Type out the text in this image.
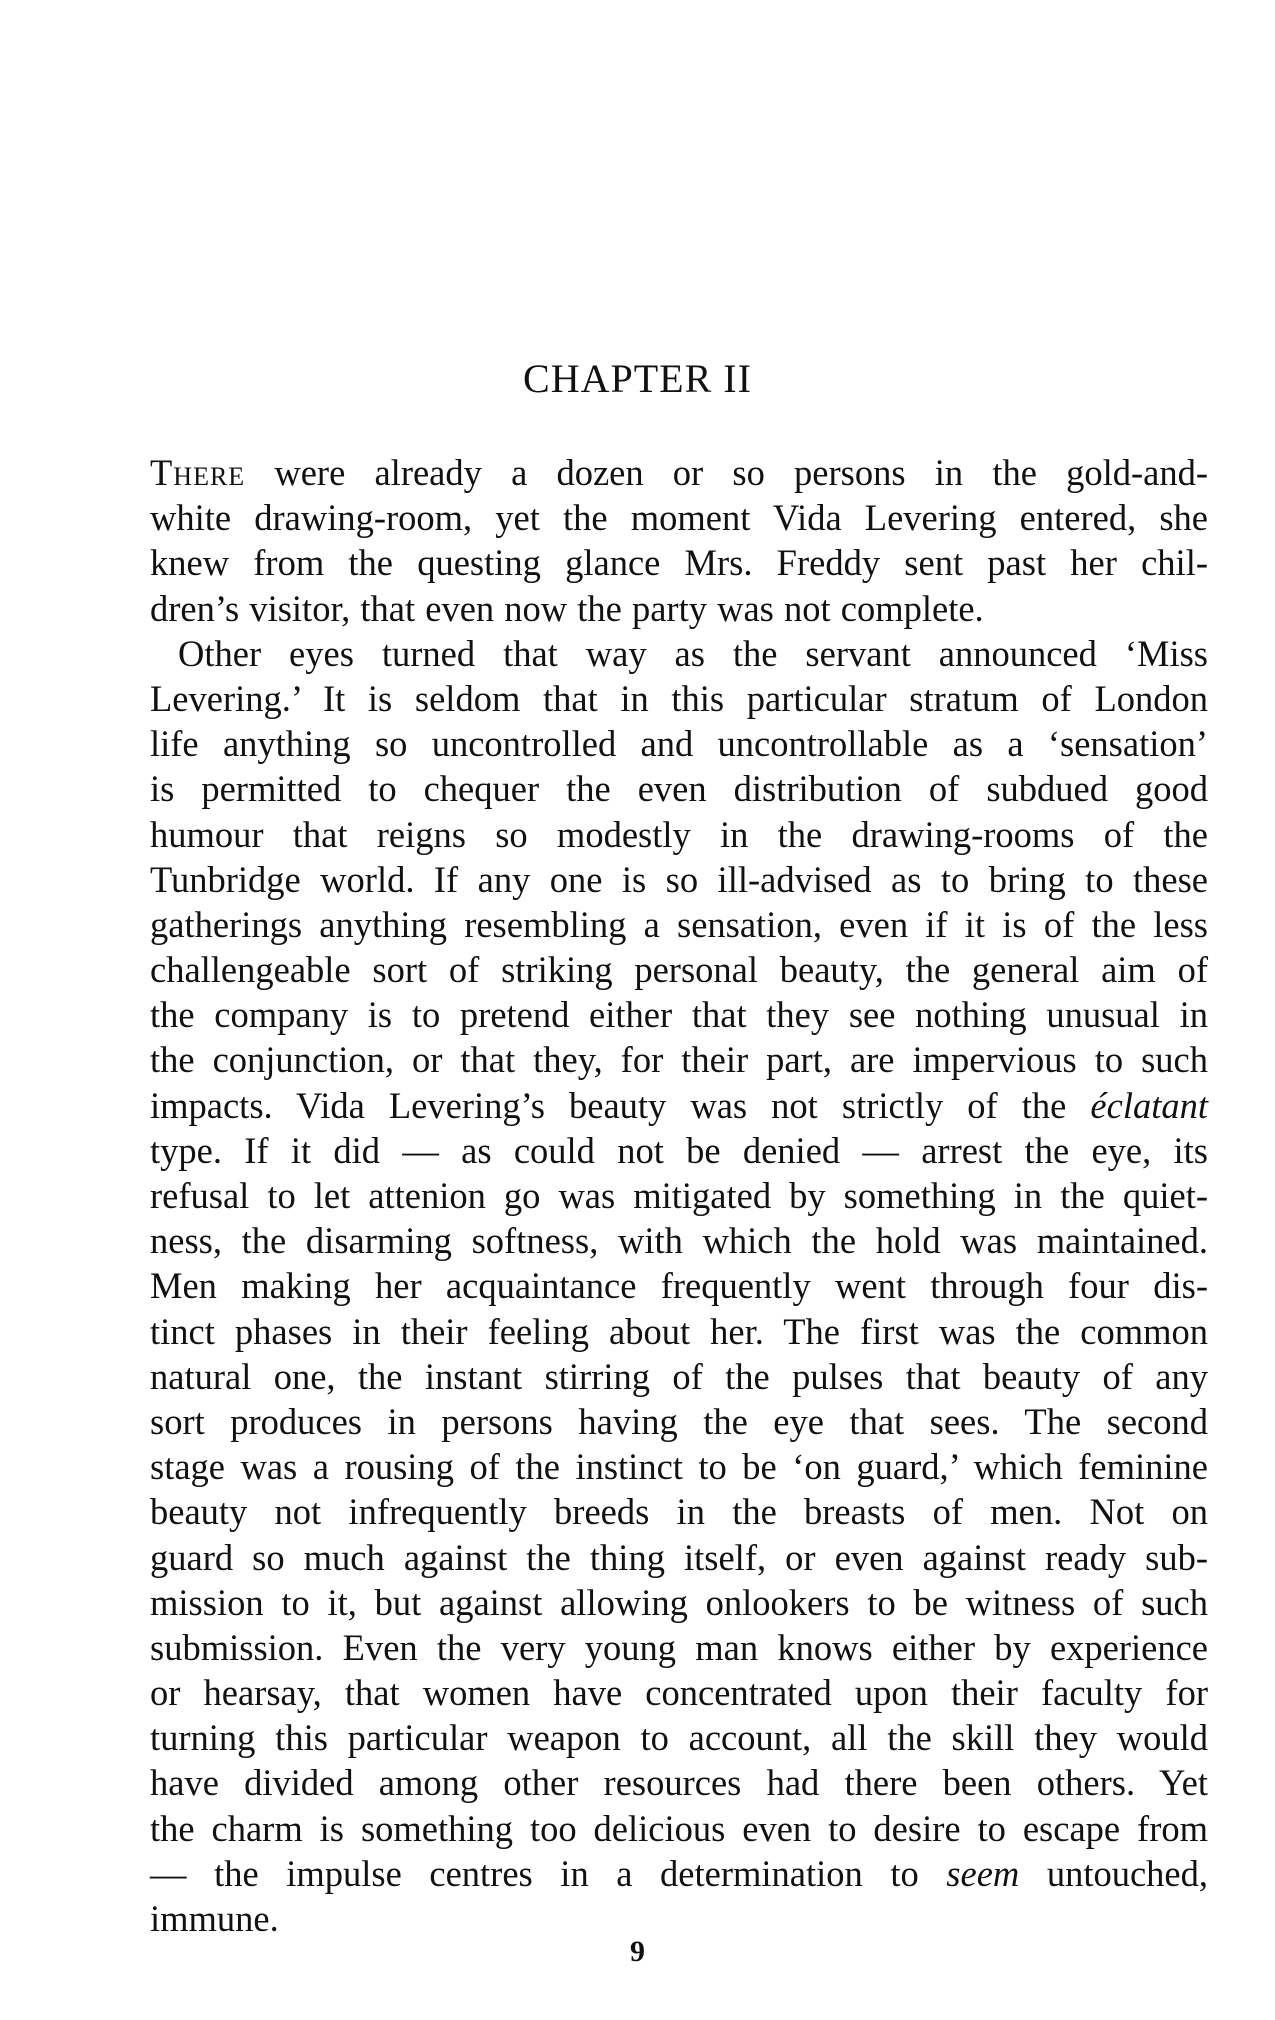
CHAPTER II
There were already a dozen or so persons in the gold-and-
white drawing-room, yet the moment Vida Levering entered, she
knew from the questing glance Mrs. Freddy sent past her chil-
dren’s visitor, that even now the party was not complete.
Other eyes turned that way as the servant announced ‘Miss
Levering.’ It is seldom that in this particular stratum of London
life anything so uncontrolled and uncontrollable as a ‘sensation’
is permitted to chequer the even distribution of subdued good
humour that reigns so modestly in the drawing-rooms of the
Tunbridge world. If any one is so ill-advised as to bring to these
gatherings anything resembling a sensation, even if it is of the less
challengeable sort of striking personal beauty, the general aim of
the company is to pretend either that they see nothing unusual in
the conjunction, or that they, for their part, are impervious to such
impacts. Vida Levering’s beauty was not strictly of the éclatant
type. If it did — as could not be denied — arrest the eye, its
refusal to let attenion go was mitigated by something in the quiet-
ness, the disarming softness, with which the hold was maintained.
Men making her acquaintance frequently went through four dis-
tinct phases in their feeling about her. The first was the common
natural one, the instant stirring of the pulses that beauty of any
sort produces in persons having the eye that sees. The second
stage was a rousing of the instinct to be ‘on guard,’ which feminine
beauty not infrequently breeds in the breasts of men. Not on
guard so much against the thing itself, or even against ready sub-
mission to it, but against allowing onlookers to be witness of such
submission. Even the very young man knows either by experience
or hearsay, that women have concentrated upon their faculty for
turning this particular weapon to account, all the skill they would
have divided among other resources had there been others. Yet
the charm is something too delicious even to desire to escape from
— the impulse centres in a determination to seem untouched,
immune.
9
